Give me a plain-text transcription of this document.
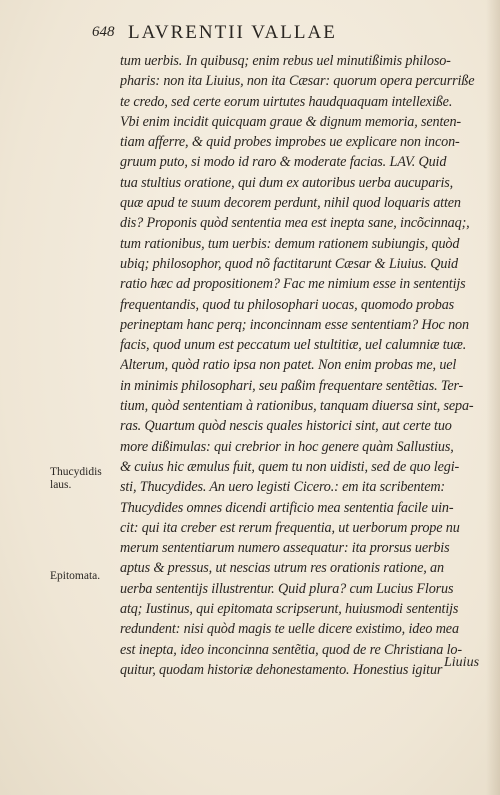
648 LAVRENTII VALLAE
tum uerbis. In quibusq; enim rebus uel minutißimis philoso-
pharis: non ita Liuius, non ita Cæsar: quorum opera percurriße
te credo, sed certe eorum uirtutes haudquaquam intellexiße.
Vbi enim incidit quicquam graue & dignum memoria, senten-
tiam afferre, & quid probes improbes ue explicare non incon-
gruum puto, si modo id raro & moderate facias. LAV. Quid
tua stultius oratione, qui dum ex autoribus uerba aucuparis,
quæ apud te suum decorem perdunt, nihil quod loquaris atten
dis? Proponis quòd sententia mea est inepta sane, incõcinnaq;,
tum rationibus, tum uerbis: demum rationem subiungis, quòd
ubiq; philosophor, quod nõ factitarunt Cæsar & Liuius. Quid
ratio hæc ad propositionem? Fac me nimium esse in sententijs
frequentandis, quod tu philosophari uocas, quomodo probas
perineptam hanc perq; inconcinnam esse sententiam? Hoc non
facis, quod unum est peccatum uel stultitiæ, uel calumniæ tuæ.
Alterum, quòd ratio ipsa non patet. Non enim probas me, uel
in minimis philosophari, seu paßim frequentare sentẽtias. Ter-
tium, quòd sententiam à rationibus, tanquam diuersa sint, sepa-
ras. Quartum quòd nescis quales historici sint, aut certe tuo
more dißimulas: qui crebrior in hoc genere quàm Sallustius,
& cuius hic æmulus fuit, quem tu non uidisti, sed de quo legi-
sti, Thucydides. An uero legisti Cicero.: em ita scribentem:
Thucydides omnes dicendi artificio mea sententia facile uin-
cit: qui ita creber est rerum frequentia, ut uerborum prope nu
merum sententiarum numero assequatur: ita prorsus uerbis
aptus & pressus, ut nescias utrum res orationis ratione, an
uerba sententijs illustrentur. Quid plura? cum Lucius Florus
atq; Iustinus, qui epitomata scripserunt, huiusmodi sententijs
redundent: nisi quòd magis te uelle dicere existimo, ideo mea
est inepta, ideo inconcinna sentẽtia, quod de re Christiana lo-
quitur, quodam historiæ dehonestamento. Honestius igitur
Thucydidis laus.
Epitomata.
Liuius
